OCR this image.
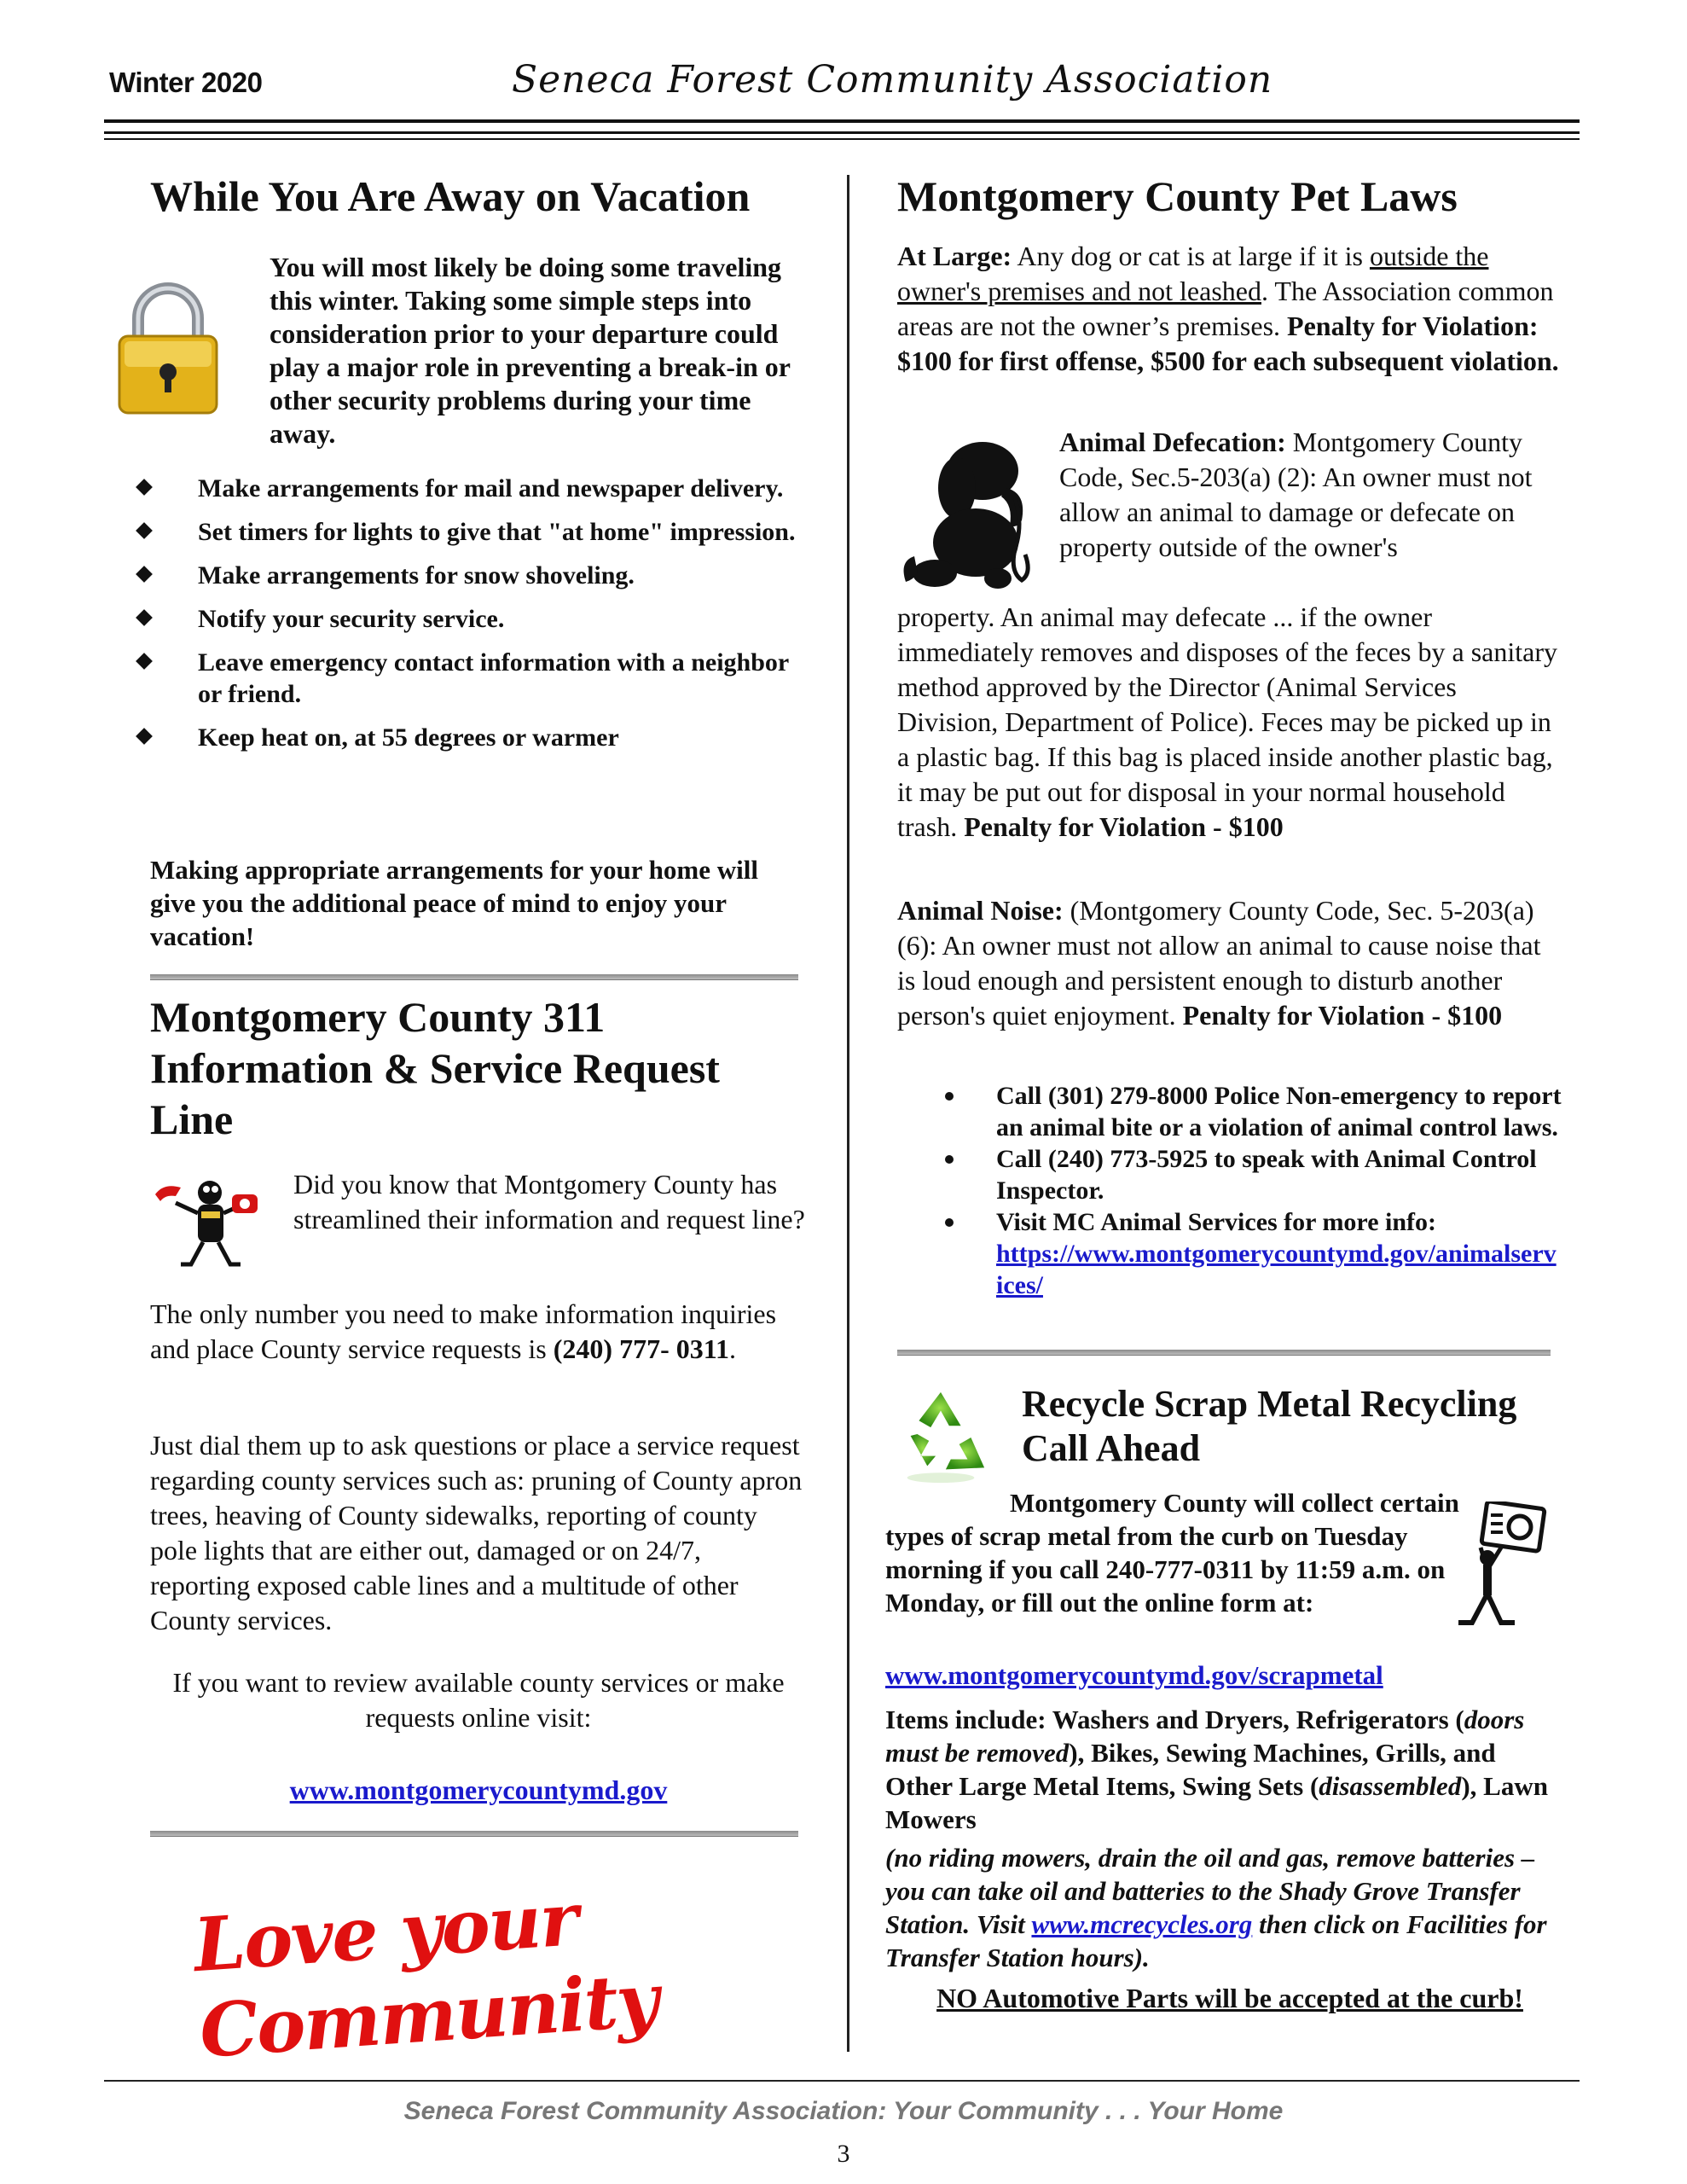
Winter 2020	Seneca Forest Community Association
While You Are Away on Vacation
You will most likely be doing some traveling this winter. Taking some simple steps into consideration prior to your departure could play a major role in preventing a break-in or other security problems during your time away.
Make arrangements for mail and newspaper delivery.
Set timers for lights to give that "at home" impression.
Make arrangements for snow shoveling.
Notify your security service.
Leave emergency contact information with a neighbor or friend.
Keep heat on, at 55 degrees or warmer
Making appropriate arrangements for your home will give you the additional peace of mind to enjoy your vacation!
Montgomery County 311 Information & Service Request Line
Did you know that Montgomery County has streamlined their information and request line?
The only number you need to make information inquiries and place County service requests is (240) 777- 0311.
Just dial them up to ask questions or place a service request regarding county services such as: pruning of County apron trees, heaving of County sidewalks, reporting of county pole lights that are either out, damaged or on 24/7, reporting exposed cable lines and a multitude of other County services.
If you want to review available county services or make requests online visit:
www.montgomerycountymd.gov
Love your Community
Montgomery County Pet Laws
At Large: Any dog or cat is at large if it is outside the owner's premises and not leashed. The Association common areas are not the owner’s premises. Penalty for Violation: $100 for first offense, $500 for each subsequent violation.
Animal Defecation: Montgomery County Code, Sec.5-203(a) (2): An owner must not allow an animal to damage or defecate on property outside of the owner's
property. An animal may defecate ... if the owner immediately removes and disposes of the feces by a sanitary method approved by the Director (Animal Services Division, Department of Police). Feces may be picked up in a plastic bag. If this bag is placed inside another plastic bag, it may be put out for disposal in your normal household trash. Penalty for Violation - $100
Animal Noise: (Montgomery County Code, Sec. 5-203(a) (6): An owner must not allow an animal to cause noise that is loud enough and persistent enough to disturb another person's quiet enjoyment. Penalty for Violation - $100
Call (301) 279-8000 Police Non-emergency to report an animal bite or a violation of animal control laws.
Call (240) 773-5925 to speak with Animal Control Inspector.
Visit MC Animal Services for more info:
https://www.montgomerycountymd.gov/animalservices/
Recycle Scrap Metal Recycling Call Ahead
Montgomery County will collect certain types of scrap metal from the curb on Tuesday morning if you call 240-777-0311 by 11:59 a.m. on Monday, or fill out the online form at:
www.montgomerycountymd.gov/scrapmetal
Items include: Washers and Dryers, Refrigerators (doors must be removed), Bikes, Sewing Machines, Grills, and Other Large Metal Items, Swing Sets (disassembled), Lawn Mowers
(no riding mowers, drain the oil and gas, remove batteries – you can take oil and batteries to the Shady Grove Transfer Station. Visit www.mcrecycles.org then click on Facilities for Transfer Station hours).
NO Automotive Parts will be accepted at the curb!
Seneca Forest Community Association: Your Community . . . Your Home
3
